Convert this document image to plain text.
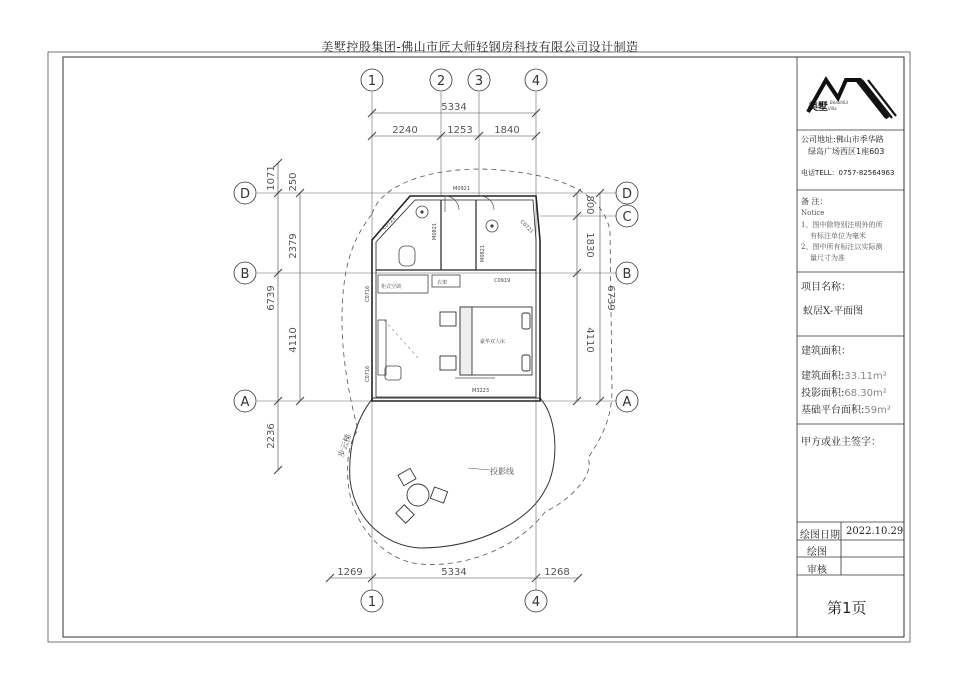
美墅控股集团-佛山市匠大师轻钢房科技有限公司设计制造
1	2 3	4
1	4
D
B
A
D
C
B
A
5334
2240	1253 1840
1269	5334	1268
1071 250
2379
4110
2236
6739
800
1830
4110
6739
M0921
M0821
M0821
M3223
C0721	C0721
C0919
C0716
C0716
柜式空调
衣架
豪华双人床
步云梯
投影线
美墅 Beautiful
Villa
公司地址:佛山市季华路
绿岛广场西区1座603
电话TELL：0757-82564963
备 注：
Notice
1、图中除特别注明外的所
有标注单位为毫米
2、图中所有标注以实际测
量尺寸为准
项目名称：
蚁居X-平面图
建筑面积：
建筑面积:33.11m²
投影面积:68.30m²
基础平台面积:59m²
甲方或业主签字：
绘图日期 2022.10.29
绘图
审核
第1页
